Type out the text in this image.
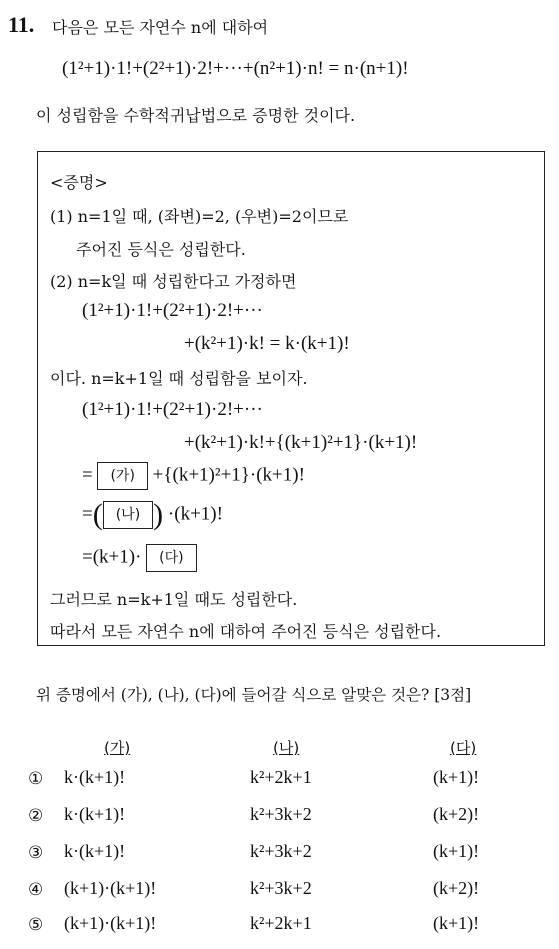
11. 다음은 모든 자연수 n에 대하여
(1²+1)·1!+(2²+1)·2!+···+(n²+1)·n! = n·(n+1)!
이 성립함을 수학적귀납법으로 증명한 것이다.
<증명>
(1) n=1일 때, (좌변)=2, (우변)=2이므로
주어진 등식은 성립한다.
(2) n=k일 때 성립한다고 가정하면
(1²+1)·1!+(2²+1)·2!+···
+(k²+1)·k! = k·(k+1)!
이다. n=k+1일 때 성립함을 보이자.
(1²+1)·1!+(2²+1)·2!+···
+(k²+1)·k!+{(k+1)²+1}·(k+1)!
= (가) +{(k+1)²+1}·(k+1)!
=( (나) ) ·(k+1)!
=(k+1)· (다)
그러므로 n=k+1일 때도 성립한다.
따라서 모든 자연수 n에 대하여 주어진 등식은 성립한다.
위 증명에서 (가), (나), (다)에 들어갈 식으로 알맞은 것은? [3점]
(가)	(나)	(다)
① k·(k+1)!	k²+2k+1	(k+1)!
② k·(k+1)!	k²+3k+2	(k+2)!
③ k·(k+1)!	k²+3k+2	(k+1)!
④ (k+1)·(k+1)!	k²+3k+2	(k+2)!
⑤ (k+1)·(k+1)!	k²+2k+1	(k+1)!
